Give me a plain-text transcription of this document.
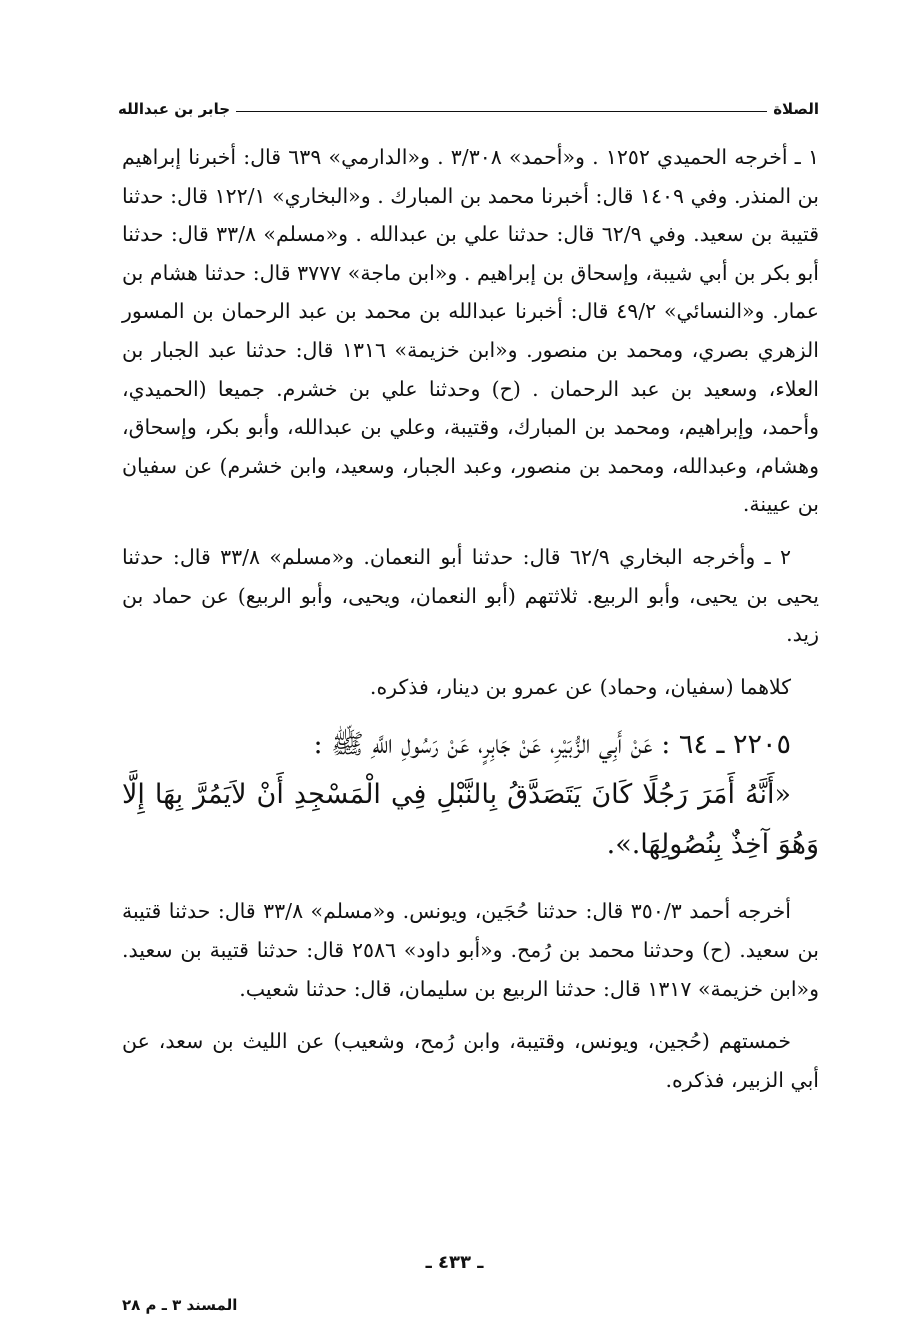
الصلاة
جابر بن عبدالله

١ ـ أخرجه الحميدي ١٢٥٢ . و«أحمد» ٣/٣٠٨ . و«الدارمي» ٦٣٩ قال: أخبرنا إبراهيم بن المنذر. وفي ١٤٠٩ قال: أخبرنا محمد بن المبارك . و«البخاري» ١٢٢/١ قال: حدثنا قتيبة بن سعيد. وفي ٦٢/٩ قال: حدثنا علي بن عبدالله . و«مسلم» ٣٣/٨ قال: حدثنا أبو بكر بن أبي شيبة، وإسحاق بن إبراهيم . و«ابن ماجة» ٣٧٧٧ قال: حدثنا هشام بن عمار. و«النسائي» ٤٩/٢ قال: أخبرنا عبدالله بن محمد بن عبد الرحمان بن المسور الزهري بصري، ومحمد بن منصور. و«ابن خزيمة» ١٣١٦ قال: حدثنا عبد الجبار بن العلاء، وسعيد بن عبد الرحمان . (ح) وحدثنا علي بن خشرم. جميعا (الحميدي، وأحمد، وإبراهيم، ومحمد بن المبارك، وقتيبة، وعلي بن عبدالله، وأبو بكر، وإسحاق، وهشام، وعبدالله، ومحمد بن منصور، وعبد الجبار، وسعيد، وابن خشرم) عن سفيان بن عيينة.

٢ ـ وأخرجه البخاري ٦٢/٩ قال: حدثنا أبو النعمان. و«مسلم» ٣٣/٨ قال: حدثنا يحيى بن يحيى، وأبو الربيع. ثلاثتهم (أبو النعمان، ويحيى، وأبو الربيع) عن حماد بن زيد.

كلاهما (سفيان، وحماد) عن عمرو بن دينار، فذكره.

٢٢٠٥ ـ ٦٤ : عَنْ أَبِي الزُّبَيْرِ، عَنْ جَابِرٍ، عَنْ رَسُولِ اللَّهِ ﷺ :

«أَنَّهُ أَمَرَ رَجُلًا كَانَ يَتَصَدَّقُ بِالنَّبْلِ فِي الْمَسْجِدِ أَنْ لاَيَمُرَّ بِهَا إِلَّا وَهُوَ آخِذٌ بِنُصُولِهَا.».

أخرجه أحمد ٣٥٠/٣ قال: حدثنا حُجَين، ويونس. و«مسلم» ٣٣/٨ قال: حدثنا قتيبة بن سعيد. (ح) وحدثنا محمد بن رُمح. و«أبو داود» ٢٥٨٦ قال: حدثنا قتيبة بن سعيد. و«ابن خزيمة» ١٣١٧ قال: حدثنا الربيع بن سليمان، قال: حدثنا شعيب.

خمستهم (حُجين، ويونس، وقتيبة، وابن رُمح، وشعيب) عن الليث بن سعد، عن أبي الزبير، فذكره.

ـ ٤٣٣ ـ
المسند ٣ ـ م ٢٨
